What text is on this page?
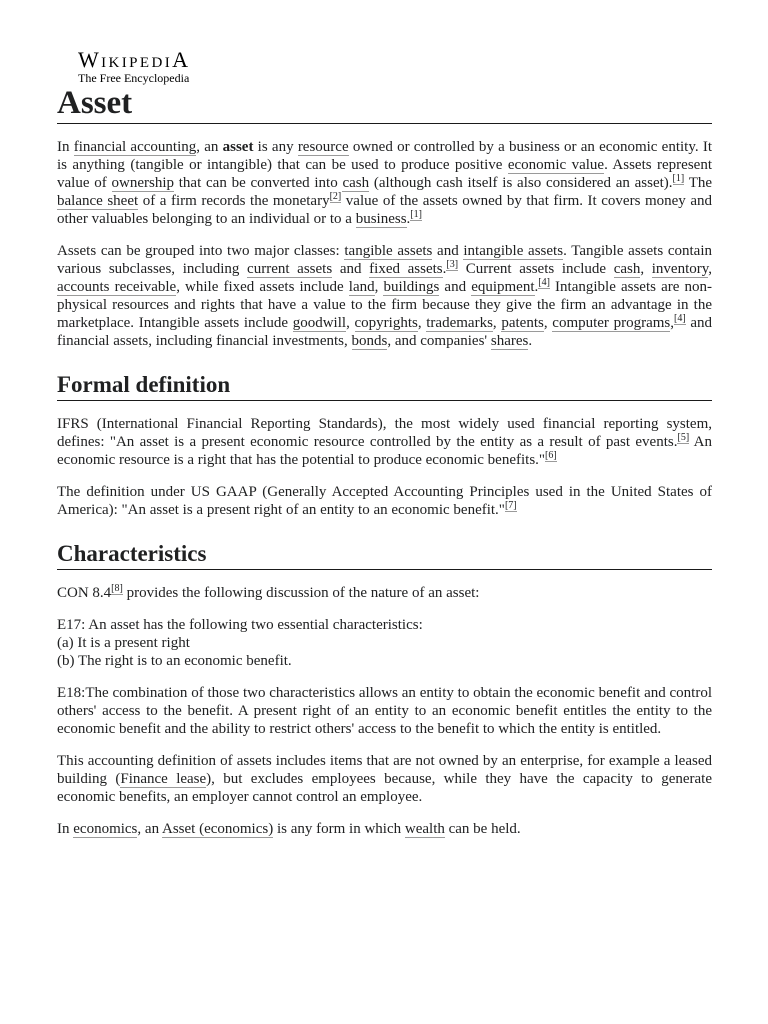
WikipediA
The Free Encyclopedia
Asset

In financial accounting, an asset is any resource owned or controlled by a business or an economic entity. It is anything (tangible or intangible) that can be used to produce positive economic value. Assets represent value of ownership that can be converted into cash (although cash itself is also considered an asset).[1] The balance sheet of a firm records the monetary[2] value of the assets owned by that firm. It covers money and other valuables belonging to an individual or to a business.[1]

Assets can be grouped into two major classes: tangible assets and intangible assets. Tangible assets contain various subclasses, including current assets and fixed assets.[3] Current assets include cash, inventory, accounts receivable, while fixed assets include land, buildings and equipment.[4] Intangible assets are non-physical resources and rights that have a value to the firm because they give the firm an advantage in the marketplace. Intangible assets include goodwill, copyrights, trademarks, patents, computer programs,[4] and financial assets, including financial investments, bonds, and companies' shares.

Formal definition

IFRS (International Financial Reporting Standards), the most widely used financial reporting system, defines: "An asset is a present economic resource controlled by the entity as a result of past events.[5] An economic resource is a right that has the potential to produce economic benefits."[6]

The definition under US GAAP (Generally Accepted Accounting Principles used in the United States of America): "An asset is a present right of an entity to an economic benefit."[7]

Characteristics

CON 8.4[8] provides the following discussion of the nature of an asset:

E17: An asset has the following two essential characteristics:
(a) It is a present right
(b) The right is to an economic benefit.

E18:The combination of those two characteristics allows an entity to obtain the economic benefit and control others' access to the benefit. A present right of an entity to an economic benefit entitles the entity to the economic benefit and the ability to restrict others' access to the benefit to which the entity is entitled.

This accounting definition of assets includes items that are not owned by an enterprise, for example a leased building (Finance lease), but excludes employees because, while they have the capacity to generate economic benefits, an employer cannot control an employee.

In economics, an Asset (economics) is any form in which wealth can be held.
